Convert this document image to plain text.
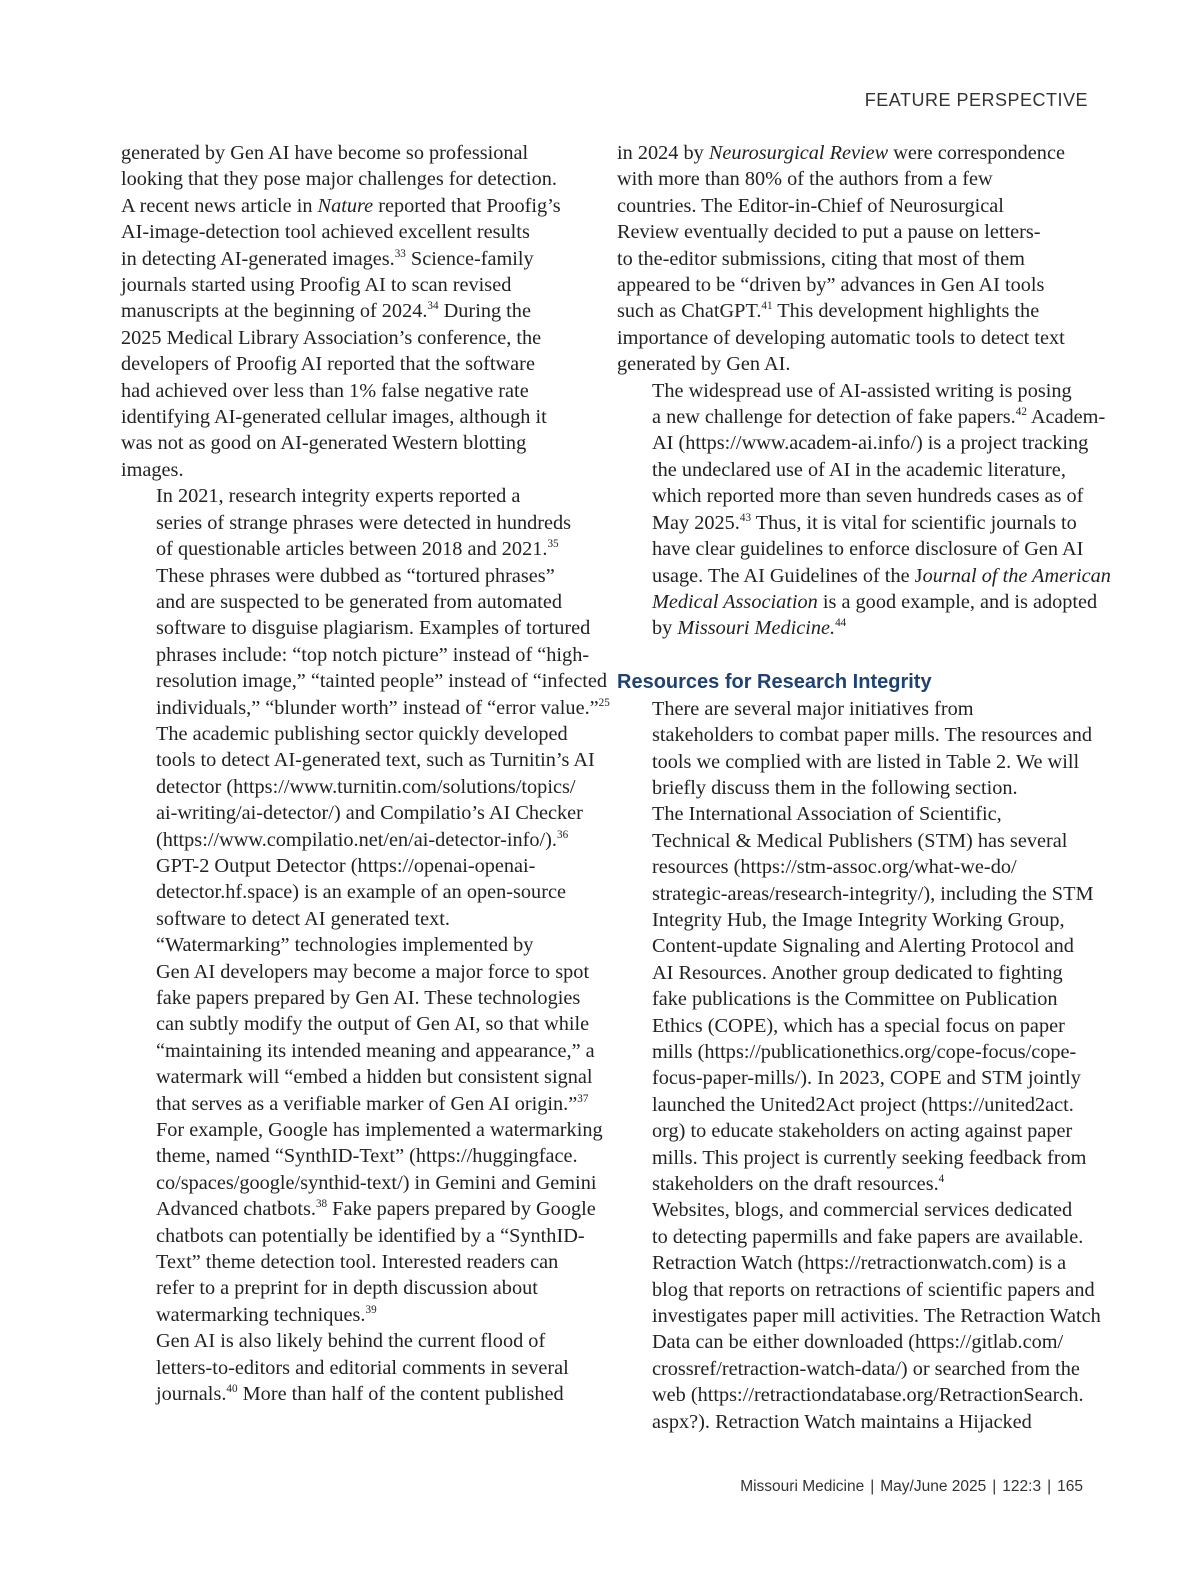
FEATURE PERSPECTIVE

generated by Gen AI have become so professional
looking that they pose major challenges for detection.
A recent news article in Nature reported that Proofig’s
AI-image-detection tool achieved excellent results
in detecting AI-generated images.$^{33}$ Science-family
journals started using Proofig AI to scan revised
manuscripts at the beginning of 2024.34 During the
2025 Medical Library Association’s conference, the
developers of Proofig AI reported that the software
had achieved over less than 1% false negative rate
identifying AI-generated cellular images, although it
was not as good on AI-generated Western blotting
images.

In 2021, research integrity experts reported a
series of strange phrases were detected in hundreds
of questionable articles between 2018 and 2021.35
These phrases were dubbed as “tortured phrases”
and are suspected to be generated from automated
software to disguise plagiarism. Examples of tortured
phrases include: “top notch picture” instead of “high-
resolution image,” “tainted people” instead of “infected
individuals,” “blunder worth” instead of “error value.”$^{25}$
The academic publishing sector quickly developed
tools to detect AI-generated text, such as Turnitin’s AI
detector (https://www.turnitin.com/solutions/topics/
ai-writing/ai-detector/) and Compilatio’s AI Checker
(https://www.compilatio.net/en/ai-detector-info/).$^{36}$
GPT-2 Output Detector (https://openai-openai-
detector.hf.space) is an example of an open-source
software to detect AI generated text.

“Watermarking” technologies implemented by
Gen AI developers may become a major force to spot
fake papers prepared by Gen AI. These technologies
can subtly modify the output of Gen AI, so that while
“maintaining its intended meaning and appearance,” a
watermark will “embed a hidden but consistent signal
that serves as a verifiable marker of Gen AI origin.”$^{37}$
For example, Google has implemented a watermarking
theme, named “SynthID-Text” (https://huggingface.
co/spaces/google/synthid-text/) in Gemini and Gemini
Advanced chatbots.$^{38}$ Fake papers prepared by Google
chatbots can potentially be identified by a “SynthID-
Text” theme detection tool. Interested readers can
refer to a preprint for in depth discussion about
watermarking techniques.$^{39}$

Gen AI is also likely behind the current flood of
letters-to-editors and editorial comments in several
journals.$^{40}$ More than half of the content published

in 2024 by Neurosurgical Review were correspondence
with more than 80% of the authors from a few
countries. The Editor-in-Chief of Neurosurgical
Review eventually decided to put a pause on letters-
to the-editor submissions, citing that most of them
appeared to be “driven by” advances in Gen AI tools
such as ChatGPT.$^{41}$ This development highlights the
importance of developing automatic tools to detect text
generated by Gen AI.

The widespread use of AI-assisted writing is posing
a new challenge for detection of fake papers.$^{42}$ Academ-
AI (https://www.academ-ai.info/) is a project tracking
the undeclared use of AI in the academic literature,
which reported more than seven hundreds cases as of
May 2025.43 Thus, it is vital for scientific journals to
have clear guidelines to enforce disclosure of Gen AI
usage. The AI Guidelines of the Journal of the American
Medical Association is a good example, and is adopted
by Missouri Medicine.$^{44}$

Resources for Research Integrity

There are several major initiatives from
stakeholders to combat paper mills. The resources and
tools we complied with are listed in Table 2. We will
briefly discuss them in the following section.

The International Association of Scientific,
Technical & Medical Publishers (STM) has several
resources (https://stm-assoc.org/what-we-do/
strategic-areas/research-integrity/), including the STM
Integrity Hub, the Image Integrity Working Group,
Content-update Signaling and Alerting Protocol and
AI Resources. Another group dedicated to fighting
fake publications is the Committee on Publication
Ethics (COPE), which has a special focus on paper
mills (https://publicationethics.org/cope-focus/cope-
focus-paper-mills/). In 2023, COPE and STM jointly
launched the United2Act project (https://united2act.
org) to educate stakeholders on acting against paper
mills. This project is currently seeking feedback from
stakeholders on the draft resources.$^4$

Websites, blogs, and commercial services dedicated
to detecting papermills and fake papers are available.
Retraction Watch (https://retractionwatch.com) is a
blog that reports on retractions of scientific papers and
investigates paper mill activities. The Retraction Watch
Data can be either downloaded (https://gitlab.com/
crossref/retraction-watch-data/) or searched from the
web (https://retractiondatabase.org/RetractionSearch.
aspx?). Retraction Watch maintains a Hijacked

Missouri Medicine | May/June 2025 | 122:3 | 165
